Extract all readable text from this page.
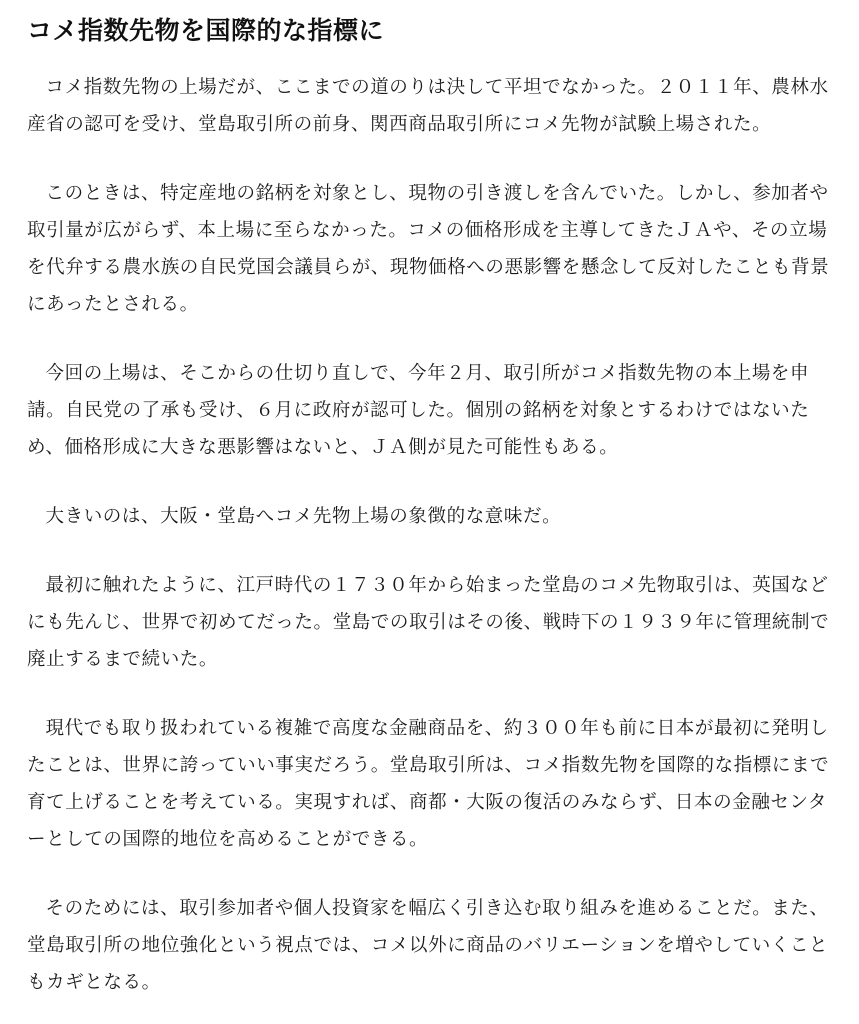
コメ指数先物を国際的な指標に

コメ指数先物の上場だが、ここまでの道のりは決して平坦でなかった。２０１１年、農林水産省の認可を受け、堂島取引所の前身、関西商品取引所にコメ先物が試験上場された。

このときは、特定産地の銘柄を対象とし、現物の引き渡しを含んでいた。しかし、参加者や取引量が広がらず、本上場に至らなかった。コメの価格形成を主導してきたＪＡや、その立場を代弁する農水族の自民党国会議員らが、現物価格への悪影響を懸念して反対したことも背景にあったとされる。

今回の上場は、そこからの仕切り直しで、今年２月、取引所がコメ指数先物の本上場を申請。自民党の了承も受け、６月に政府が認可した。個別の銘柄を対象とするわけではないため、価格形成に大きな悪影響はないと、ＪＡ側が見た可能性もある。

大きいのは、大阪・堂島へコメ先物上場の象徴的な意味だ。

最初に触れたように、江戸時代の１７３０年から始まった堂島のコメ先物取引は、英国などにも先んじ、世界で初めてだった。堂島での取引はその後、戦時下の１９３９年に管理統制で廃止するまで続いた。

現代でも取り扱われている複雑で高度な金融商品を、約３００年も前に日本が最初に発明したことは、世界に誇っていい事実だろう。堂島取引所は、コメ指数先物を国際的な指標にまで育て上げることを考えている。実現すれば、商都・大阪の復活のみならず、日本の金融センターとしての国際的地位を高めることができる。

そのためには、取引参加者や個人投資家を幅広く引き込む取り組みを進めることだ。また、堂島取引所の地位強化という視点では、コメ以外に商品のバリエーションを増やしていくこともカギとなる。
